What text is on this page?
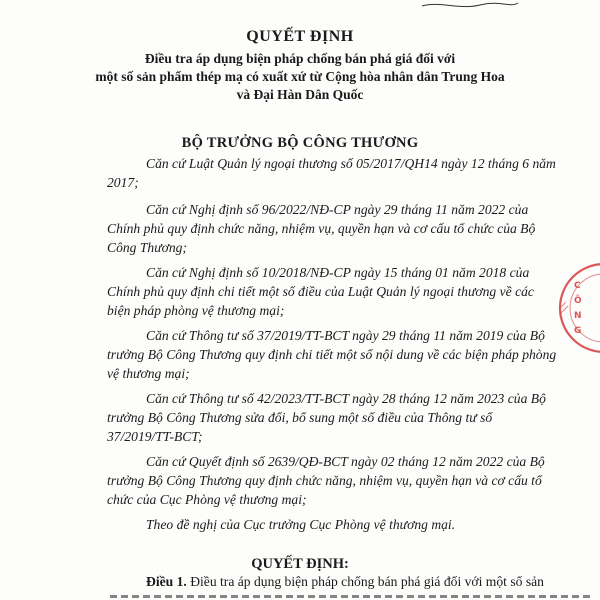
QUYẾT ĐỊNH
Điều tra áp dụng biện pháp chống bán phá giá đối với
một số sản phẩm thép mạ có xuất xứ từ Cộng hòa nhân dân Trung Hoa
và Đại Hàn Dân Quốc
BỘ TRƯỞNG BỘ CÔNG THƯƠNG
Căn cứ Luật Quản lý ngoại thương số 05/2017/QH14 ngày 12 tháng 6 năm
2017;
Căn cứ Nghị định số 96/2022/NĐ-CP ngày 29 tháng 11 năm 2022 của
Chính phủ quy định chức năng, nhiệm vụ, quyền hạn và cơ cấu tổ chức của Bộ
Công Thương;
Căn cứ Nghị định số 10/2018/NĐ-CP ngày 15 tháng 01 năm 2018 của
Chính phủ quy định chi tiết một số điều của Luật Quản lý ngoại thương về các
biện pháp phòng vệ thương mại;
Căn cứ Thông tư số 37/2019/TT-BCT ngày 29 tháng 11 năm 2019 của Bộ
trưởng Bộ Công Thương quy định chi tiết một số nội dung về các biện pháp phòng
vệ thương mại;
Căn cứ Thông tư số 42/2023/TT-BCT ngày 28 tháng 12 năm 2023 của Bộ
trưởng Bộ Công Thương sửa đổi, bổ sung một số điều của Thông tư số
37/2019/TT-BCT;
Căn cứ Quyết định số 2639/QĐ-BCT ngày 02 tháng 12 năm 2022 của Bộ
trưởng Bộ Công Thương quy định chức năng, nhiệm vụ, quyền hạn và cơ cấu tổ
chức của Cục Phòng vệ thương mại;
Theo đề nghị của Cục trưởng Cục Phòng vệ thương mại.
QUYẾT ĐỊNH:
Điều 1. Điều tra áp dụng biện pháp chống bán phá giá đối với một số sản
C
Ô
N
G
